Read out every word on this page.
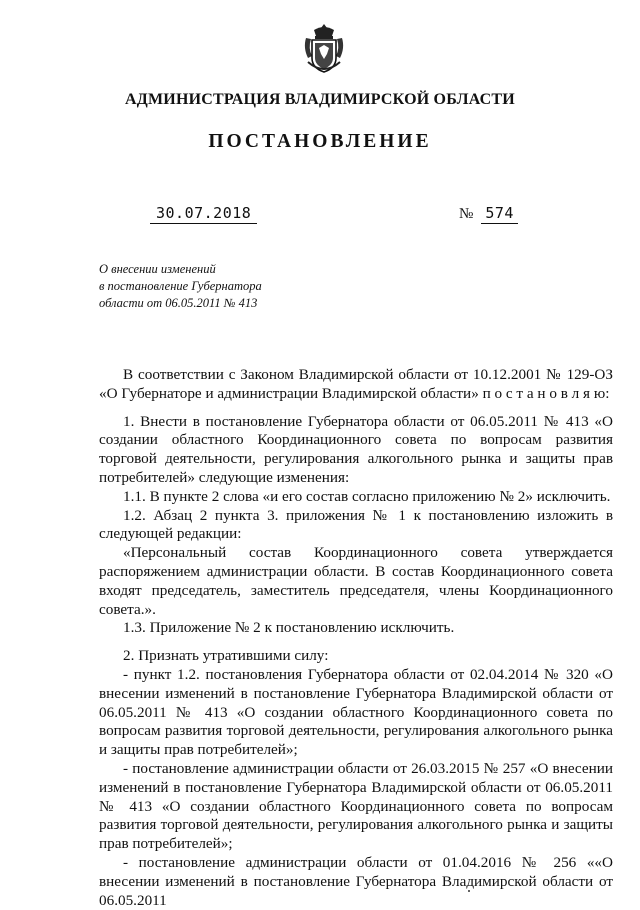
АДМИНИСТРАЦИЯ ВЛАДИМИРСКОЙ ОБЛАСТИ
ПОСТАНОВЛЕНИЕ
30.07.2018	№ 574
О внесении изменений
в постановление Губернатора
области от 06.05.2011 № 413

В соответствии с Законом Владимирской области от 10.12.2001 № 129-ОЗ «О Губернаторе и администрации Владимирской области» п о с т а н о в л я ю:

1. Внести в постановление Губернатора области от 06.05.2011 № 413 «О создании областного Координационного совета по вопросам развития торговой деятельности, регулирования алкогольного рынка и защиты прав потребителей» следующие изменения:

1.1. В пункте 2 слова «и его состав согласно приложению № 2» исключить.

1.2. Абзац 2 пункта 3. приложения № 1 к постановлению изложить в следующей редакции:

«Персональный состав Координационного совета утверждается распоряжением администрации области. В состав Координационного совета входят председатель, заместитель председателя, члены Координационного совета.».

1.3. Приложение № 2 к постановлению исключить.

2. Признать утратившими силу:

- пункт 1.2. постановления Губернатора области от 02.04.2014 № 320 «О внесении изменений в постановление Губернатора Владимирской области от 06.05.2011 № 413 «О создании областного Координационного совета по вопросам развития торговой деятельности, регулирования алкогольного рынка и защиты прав потребителей»;

- постановление администрации области от 26.03.2015 № 257 «О внесении изменений в постановление Губернатора Владимирской области от 06.05.2011 № 413 «О создании областного Координационного совета по вопросам развития торговой деятельности, регулирования алкогольного рынка и защиты прав потребителей»;

- постановление администрации области от 01.04.2016 № 256 ««О внесении изменений в постановление Губернатора Владимирской области от 06.05.2011
